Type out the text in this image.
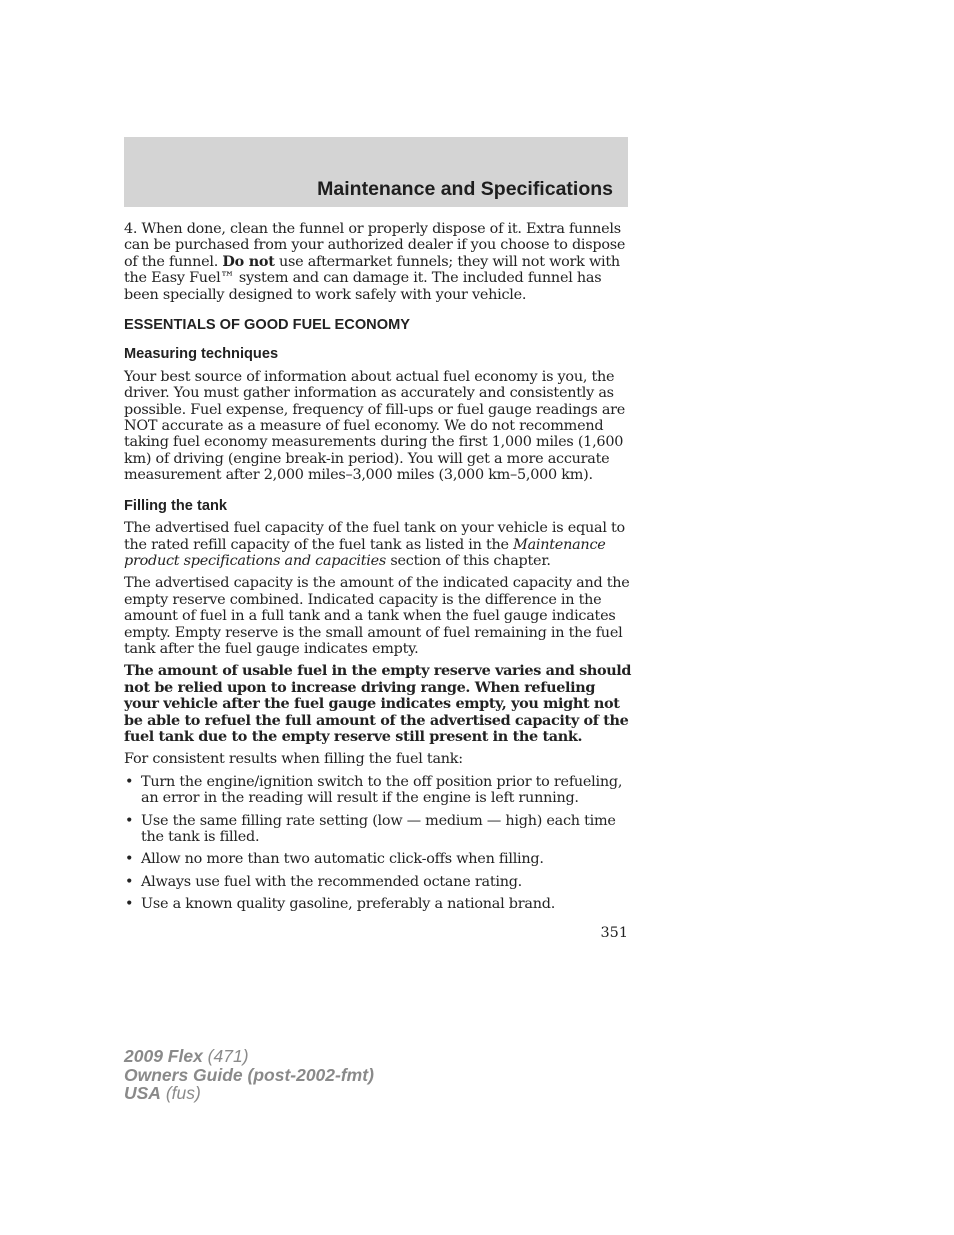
Maintenance and Specifications

4. When done, clean the funnel or properly dispose of it. Extra funnels can be purchased from your authorized dealer if you choose to dispose of the funnel. Do not use aftermarket funnels; they will not work with the Easy Fuel™ system and can damage it. The included funnel has been specially designed to work safely with your vehicle.

ESSENTIALS OF GOOD FUEL ECONOMY
Measuring techniques

Your best source of information about actual fuel economy is you, the driver. You must gather information as accurately and consistently as possible. Fuel expense, frequency of fill-ups or fuel gauge readings are NOT accurate as a measure of fuel economy. We do not recommend taking fuel economy measurements during the first 1,000 miles (1,600 km) of driving (engine break-in period). You will get a more accurate measurement after 2,000 miles–3,000 miles (3,000 km–5,000 km).

Filling the tank

The advertised fuel capacity of the fuel tank on your vehicle is equal to the rated refill capacity of the fuel tank as listed in the Maintenance product specifications and capacities section of this chapter.

The advertised capacity is the amount of the indicated capacity and the empty reserve combined. Indicated capacity is the difference in the amount of fuel in a full tank and a tank when the fuel gauge indicates empty. Empty reserve is the small amount of fuel remaining in the fuel tank after the fuel gauge indicates empty.

The amount of usable fuel in the empty reserve varies and should not be relied upon to increase driving range. When refueling your vehicle after the fuel gauge indicates empty, you might not be able to refuel the full amount of the advertised capacity of the fuel tank due to the empty reserve still present in the tank.

For consistent results when filling the fuel tank:

• Turn the engine/ignition switch to the off position prior to refueling, an error in the reading will result if the engine is left running.
• Use the same filling rate setting (low — medium — high) each time the tank is filled.
• Allow no more than two automatic click-offs when filling.
• Always use fuel with the recommended octane rating.
• Use a known quality gasoline, preferably a national brand.
351
2009 Flex (471)
Owners Guide (post-2002-fmt)
USA (fus)
